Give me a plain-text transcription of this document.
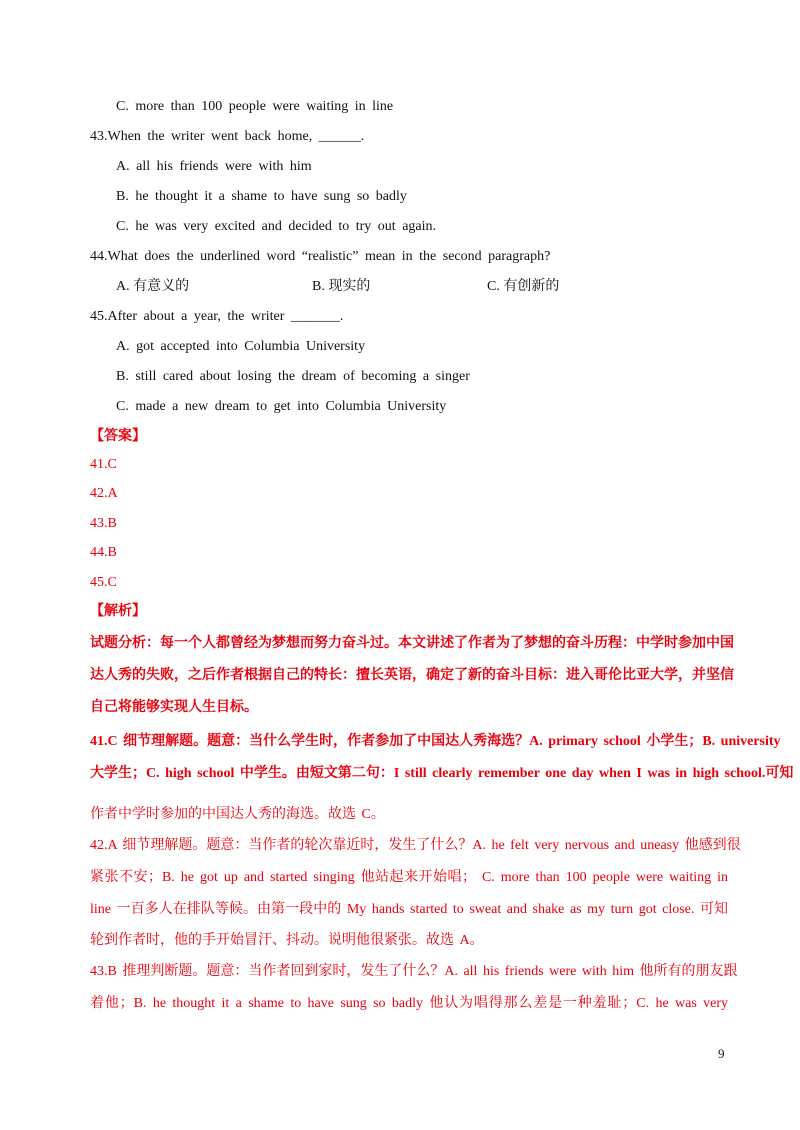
C. more than 100 people were waiting in line
43.When the writer went back home, ______.
A. all his friends were with him
B. he thought it a shame to have sung so badly
C. he was very excited and decided to try out again.
44.What does the underlined word “realistic” mean in the second paragraph?
A. 有意义的	B. 现实的	C. 有创新的
45.After about a year, the writer _______.
A. got accepted into Columbia University
B. still cared about losing the dream of becoming a singer
C. made a new dream to get into Columbia University
【答案】
41.C
42.A
43.B
44.B
45.C
【解析】
试题分析：每一个人都曾经为梦想而努力奋斗过。本文讲述了作者为了梦想的奋斗历程：中学时参加中国
达人秀的失败，之后作者根据自己的特长：擅长英语，确定了新的奋斗目标：进入哥伦比亚大学，并坚信
自己将能够实现人生目标。
41.C 细节理解题。题意：当什么学生时，作者参加了中国达人秀海选？A. primary school 小学生；B. university
大学生；C. high school 中学生。由短文第二句：I still clearly remember one day when I was in high school.可知
作者中学时参加的中国达人秀的海选。故选 C。
42.A 细节理解题。题意：当作者的轮次靠近时，发生了什么？A. he felt very nervous and uneasy 他感到很
紧张不安；B. he got up and started singing 他站起来开始唱； C. more than 100 people were waiting in
line 一百多人在排队等候。由第一段中的 My hands started to sweat and shake as my turn got close. 可知
轮到作者时，他的手开始冒汗、抖动。说明他很紧张。故选 A。
43.B 推理判断题。题意：当作者回到家时，发生了什么？A. all his friends were with him 他所有的朋友跟
着他；B. he thought it a shame to have sung so badly 他认为唱得那么差是一种羞耻；C. he was very
9
